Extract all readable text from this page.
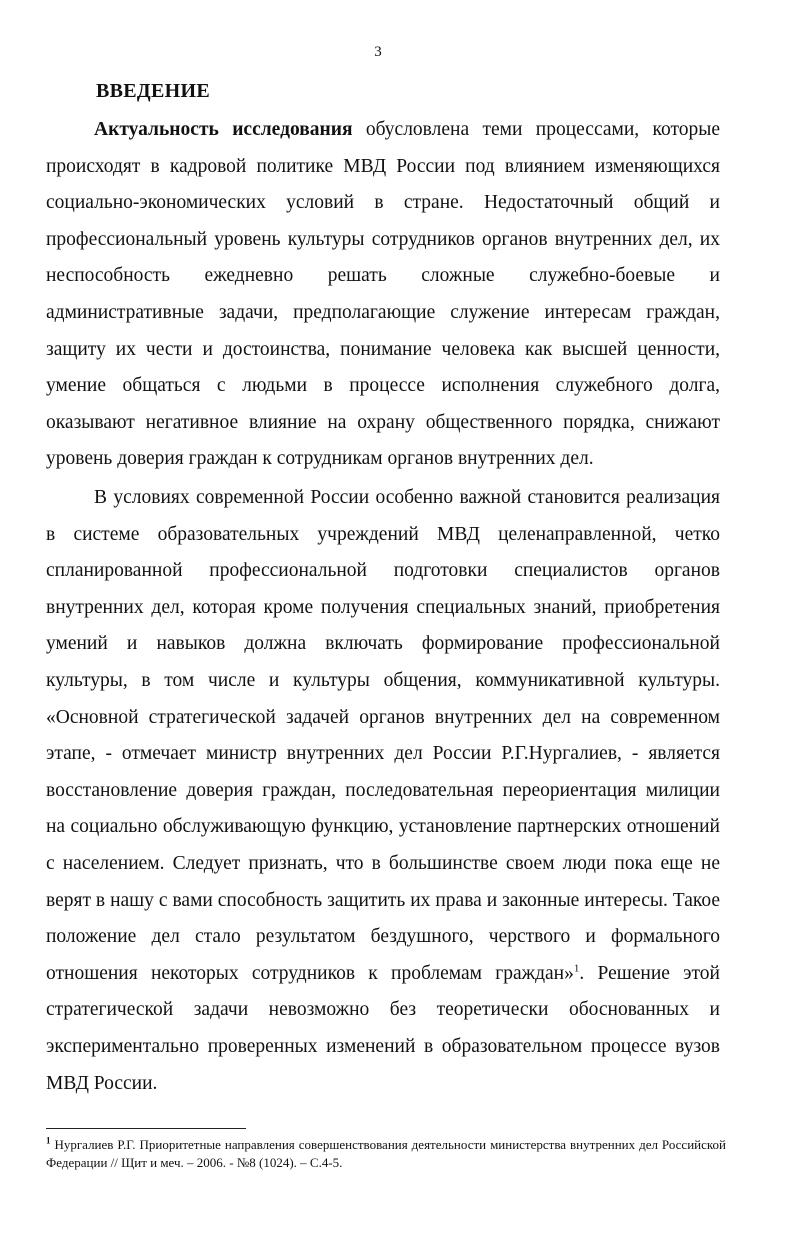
3
ВВЕДЕНИЕ

Актуальность исследования обусловлена теми процессами, которые происходят в кадровой политике МВД России под влиянием изменяющихся социально-экономических условий в стране. Недостаточный общий и профессиональный уровень культуры сотрудников органов внутренних дел, их неспособность ежедневно решать сложные служебно-боевые и административные задачи, предполагающие служение интересам граждан, защиту их чести и достоинства, понимание человека как высшей ценности, умение общаться с людьми в процессе исполнения служебного долга, оказывают негативное влияние на охрану общественного порядка, снижают уровень доверия граждан к сотрудникам органов внутренних дел.

В условиях современной России особенно важной становится реализация в системе образовательных учреждений МВД целенаправленной, четко спланированной профессиональной подготовки специалистов органов внутренних дел, которая кроме получения специальных знаний, приобретения умений и навыков должна включать формирование профессиональной культуры, в том числе и культуры общения, коммуникативной культуры. «Основной стратегической задачей органов внутренних дел на современном этапе, - отмечает министр внутренних дел России Р.Г.Нургалиев, - является восстановление доверия граждан, последовательная переориентация милиции на социально обслуживающую функцию, установление партнерских отношений с населением. Следует признать, что в большинстве своем люди пока еще не верят в нашу с вами способность защитить их права и законные интересы. Такое положение дел стало результатом бездушного, черствого и формального отношения некоторых сотрудников к проблемам граждан»$^1$. Решение этой стратегической задачи невозможно без теоретически обоснованных и экспериментально проверенных изменений в образовательном процессе вузов МВД России.

$^1$ Нургалиев Р.Г. Приоритетные направления совершенствования деятельности министерства внутренних дел Российской Федерации // Щит и меч. – 2006. - №8 (1024). – С.4-5.
